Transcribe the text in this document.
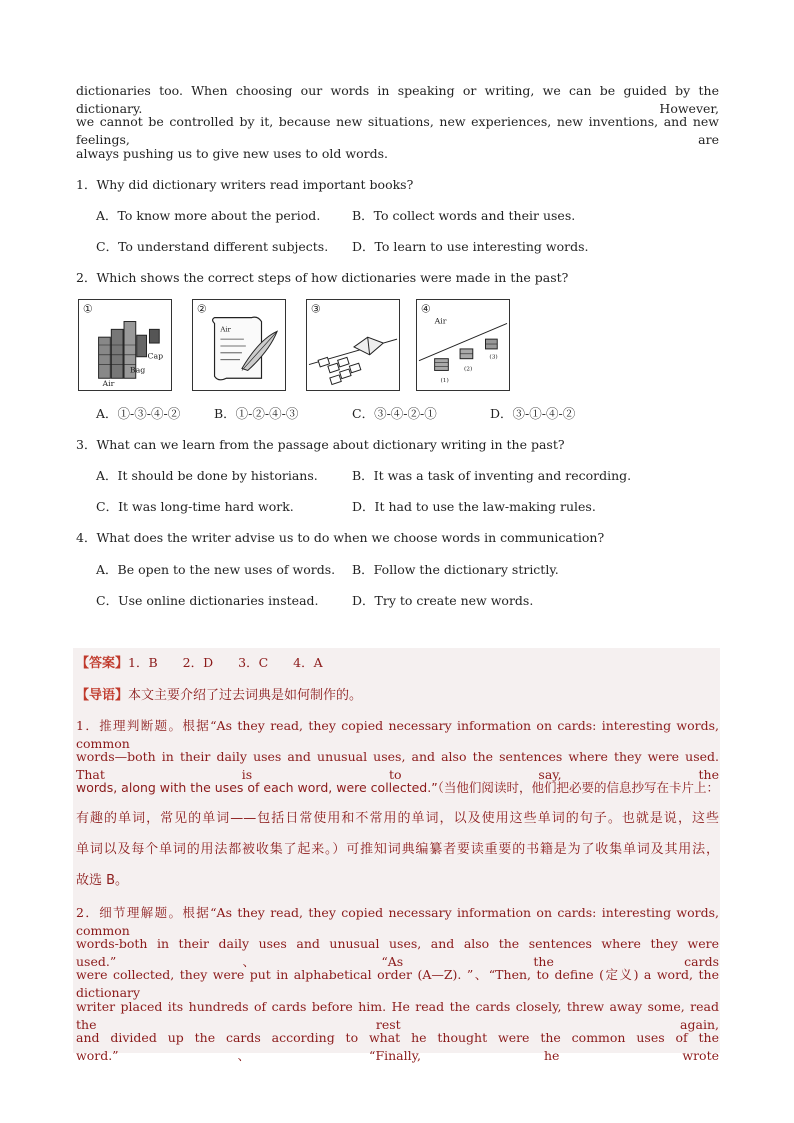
dictionaries too. When choosing our words in speaking or writing, we can be guided by the dictionary. However,
we cannot be controlled by it, because new situations, new experiences, new inventions, and new feelings, are
always pushing us to give new uses to old words.
1．Why did dictionary writers read important books?
A．To know more about the period.	B．To collect words and their uses.
C．To understand different subjects. D．To learn to use interesting words.
2．Which shows the correct steps of how dictionaries were made in the past?
①
Air
Bag
Cap
②
Air
③	④
Air
(1)
(2)
(3)
A．①-③-④-②	B．①-②-④-③	C．③-④-②-①	D．③-①-④-②
3．What can we learn from the passage about dictionary writing in the past?
A．It should be done by historians.	B．It was a task of inventing and recording.
C．It was long-time hard work.	D．It had to use the law-making rules.
4．What does the writer advise us to do when we choose words in communication?
A．Be open to the new uses of words. B．Follow the dictionary strictly.
C．Use online dictionaries instead.	D．Try to create new words.
【答案】1．B　　2．D　　3．C　　4．A
【导语】本文主要介绍了过去词典是如何制作的。
1．推理判断题。根据“As they read, they copied necessary information on cards: interesting words, common
words—both in their daily uses and unusual uses, and also the sentences where they were used. That is to say, the
words, along with the uses of each word, were collected.”（当他们阅读时，他们把必要的信息抄写在卡片上：
有趣的单词，常见的单词——包括日常使用和不常用的单词，以及使用这些单词的句子。也就是说，这些
单词以及每个单词的用法都被收集了起来。）可推知词典编纂者要读重要的书籍是为了收集单词及其用法，
故选 B。
2．细节理解题。根据“As they read, they copied necessary information on cards: interesting words, common
words-both in their daily uses and unusual uses, and also the sentences where they were used.”、“As the cards
were collected, they were put in alphabetical order (A—Z). ”、“Then, to define (定义) a word, the dictionary
writer placed its hundreds of cards before him. He read the cards closely, threw away some, read the rest again,
and divided up the cards according to what he thought were the common uses of the word.”、“Finally, he wrote
